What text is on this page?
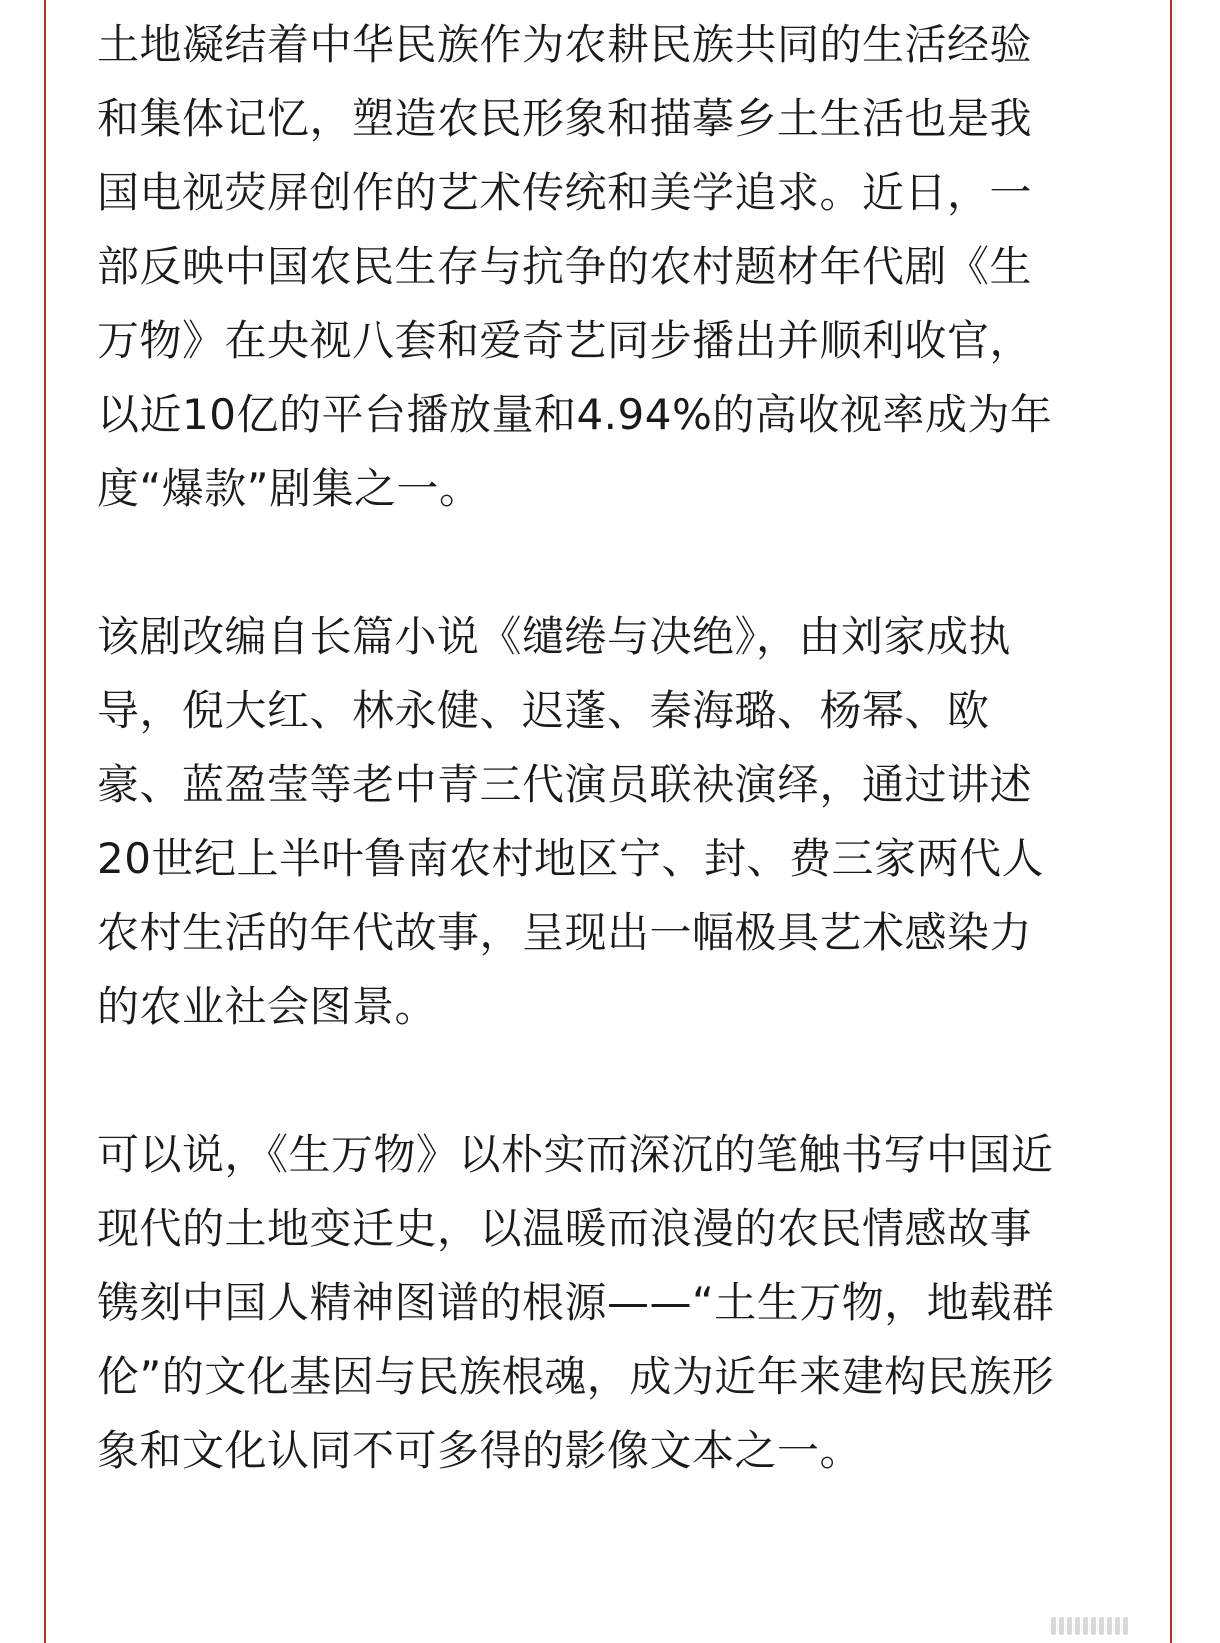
土地凝结着中华民族作为农耕民族共同的生活经验和集体记忆，塑造农民形象和描摹乡土生活也是我国电视荧屏创作的艺术传统和美学追求。近日，一部反映中国农民生存与抗争的农村题材年代剧《生万物》在央视八套和爱奇艺同步播出并顺利收官，以近10亿的平台播放量和4.94%的高收视率成为年度“爆款”剧集之一。

该剧改编自长篇小说《缱绻与决绝》，由刘家成执导，倪大红、林永健、迟蓬、秦海璐、杨幂、欧豪、蓝盈莹等老中青三代演员联袂演绎，通过讲述20世纪上半叶鲁南农村地区宁、封、费三家两代人农村生活的年代故事，呈现出一幅极具艺术感染力的农业社会图景。

可以说，《生万物》以朴实而深沉的笔触书写中国近现代的土地变迁史，以温暖而浪漫的农民情感故事镌刻中国人精神图谱的根源——“土生万物，地载群伦”的文化基因与民族根魂，成为近年来建构民族形象和文化认同不可多得的影像文本之一。
